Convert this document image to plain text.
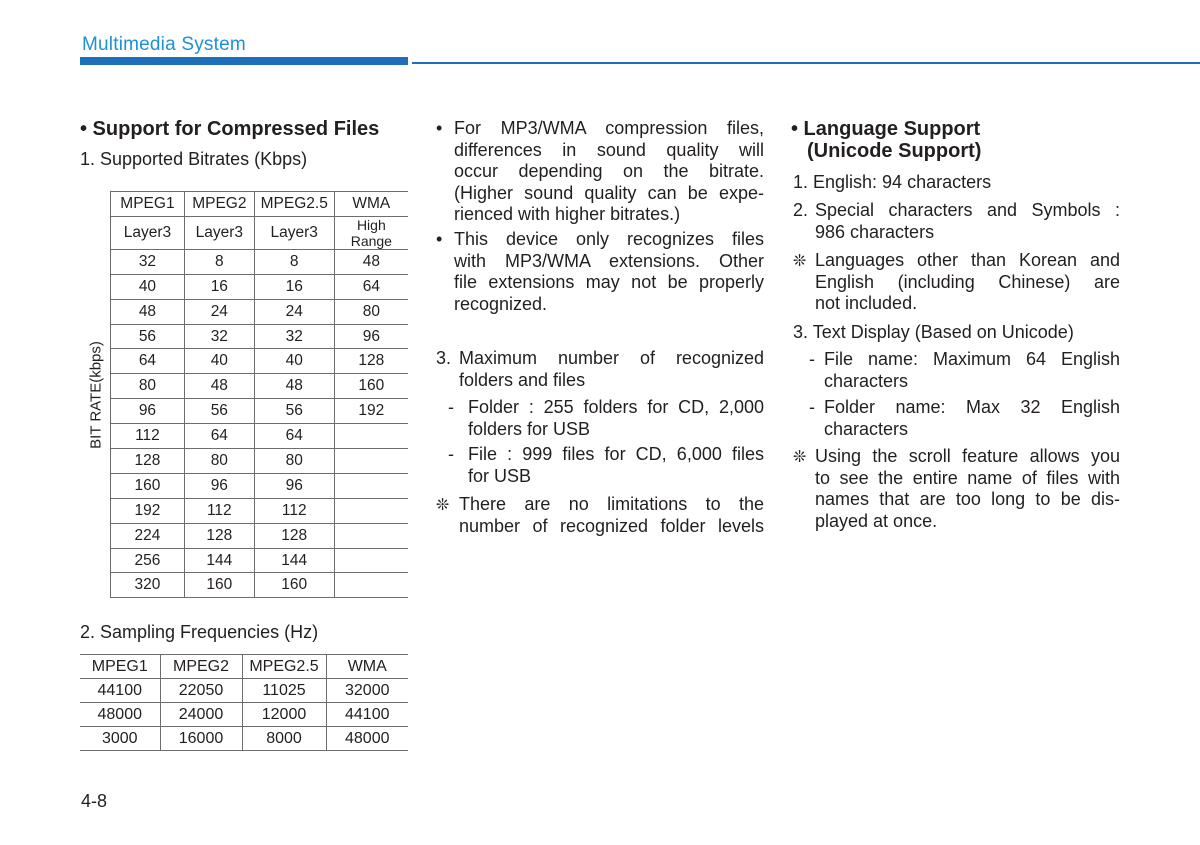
Multimedia System
• Support for Compressed Files
1. Supported Bitrates (Kbps)
BIT RATE(kbps)
MPEG1	MPEG2	MPEG2.5	WMA
Layer3	Layer3	Layer3	High Range
32	8	8	48
40	16	16	64
48	24	24	80
56	32	32	96
64	40	40	128
80	48	48	160
96	56	56	192
112	64	64	
128	80	80	
160	96	96	
192	112	112	
224	128	128	
256	144	144	
320	160	160	
2. Sampling Frequencies (Hz)
MPEG1	MPEG2	MPEG2.5	WMA
44100	22050	11025	32000
48000	24000	12000	44100
3000	16000	8000	48000
4-8
• For MP3/WMA compression files,
differences in sound quality will
occur depending on the bitrate.
(Higher sound quality can be expe-
rienced with higher bitrates.)
• This device only recognizes files
with MP3/WMA extensions. Other
file extensions may not be properly
recognized.
3. Maximum number of recognized
folders and files
- Folder : 255 folders for CD, 2,000
folders for USB
- File : 999 files for CD, 6,000 files
for USB
❊ There are no limitations to the
number of recognized folder levels
• Language Support
(Unicode Support)
1. English: 94 characters
2. Special characters and Symbols :
986 characters
❊ Languages other than Korean and
English (including Chinese) are
not included.
3. Text Display (Based on Unicode)
- File name: Maximum 64 English
characters
- Folder name: Max 32 English
characters
❊ Using the scroll feature allows you
to see the entire name of files with
names that are too long to be dis-
played at once.
